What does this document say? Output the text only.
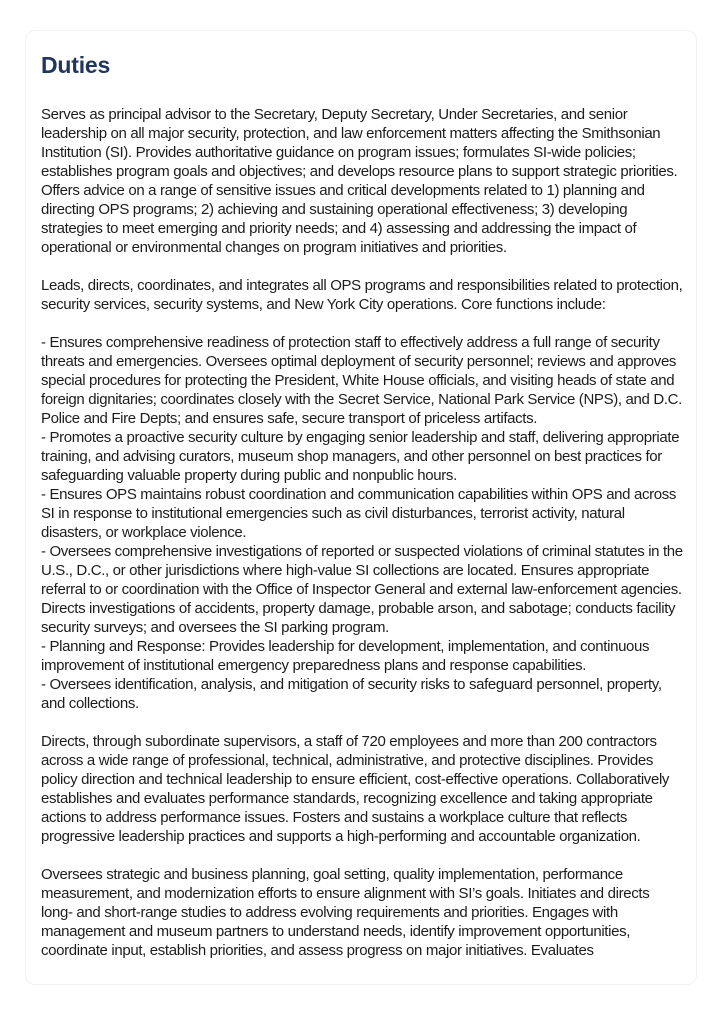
Duties

Serves as principal advisor to the Secretary, Deputy Secretary, Under Secretaries, and senior leadership on all major security, protection, and law enforcement matters affecting the Smithsonian Institution (SI). Provides authoritative guidance on program issues; formulates SI-wide policies; establishes program goals and objectives; and develops resource plans to support strategic priorities. Offers advice on a range of sensitive issues and critical developments related to 1) planning and directing OPS programs; 2) achieving and sustaining operational effectiveness; 3) developing strategies to meet emerging and priority needs; and 4) assessing and addressing the impact of operational or environmental changes on program initiatives and priorities.

Leads, directs, coordinates, and integrates all OPS programs and responsibilities related to protection, security services, security systems, and New York City operations. Core functions include:

- Ensures comprehensive readiness of protection staff to effectively address a full range of security threats and emergencies. Oversees optimal deployment of security personnel; reviews and approves special procedures for protecting the President, White House officials, and visiting heads of state and foreign dignitaries; coordinates closely with the Secret Service, National Park Service (NPS), and D.C. Police and Fire Depts; and ensures safe, secure transport of priceless artifacts.
- Promotes a proactive security culture by engaging senior leadership and staff, delivering appropriate training, and advising curators, museum shop managers, and other personnel on best practices for safeguarding valuable property during public and nonpublic hours.
- Ensures OPS maintains robust coordination and communication capabilities within OPS and across SI in response to institutional emergencies such as civil disturbances, terrorist activity, natural disasters, or workplace violence.
- Oversees comprehensive investigations of reported or suspected violations of criminal statutes in the U.S., D.C., or other jurisdictions where high-value SI collections are located. Ensures appropriate referral to or coordination with the Office of Inspector General and external law-enforcement agencies. Directs investigations of accidents, property damage, probable arson, and sabotage; conducts facility security surveys; and oversees the SI parking program.
- Planning and Response: Provides leadership for development, implementation, and continuous improvement of institutional emergency preparedness plans and response capabilities.
- Oversees identification, analysis, and mitigation of security risks to safeguard personnel, property, and collections.

Directs, through subordinate supervisors, a staff of 720 employees and more than 200 contractors across a wide range of professional, technical, administrative, and protective disciplines. Provides policy direction and technical leadership to ensure efficient, cost-effective operations. Collaboratively establishes and evaluates performance standards, recognizing excellence and taking appropriate actions to address performance issues. Fosters and sustains a workplace culture that reflects progressive leadership practices and supports a high-performing and accountable organization.

Oversees strategic and business planning, goal setting, quality implementation, performance measurement, and modernization efforts to ensure alignment with SI’s goals. Initiates and directs long- and short-range studies to address evolving requirements and priorities. Engages with management and museum partners to understand needs, identify improvement opportunities, coordinate input, establish priorities, and assess progress on major initiatives. Evaluates
